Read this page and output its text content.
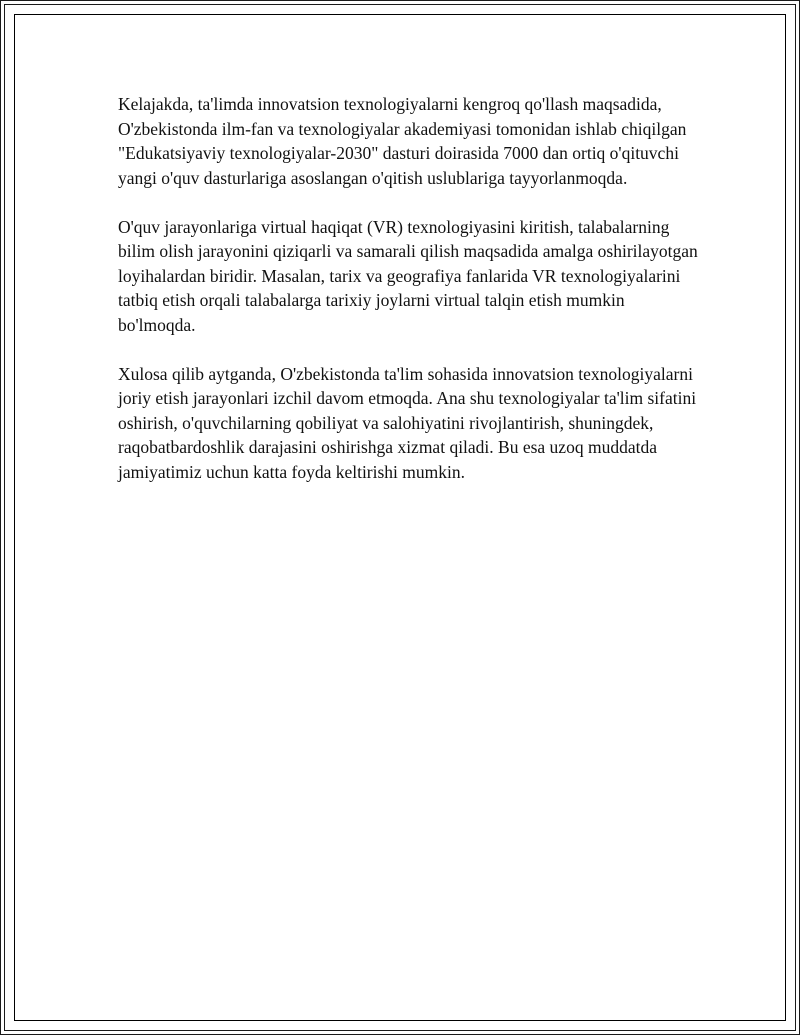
Kelajakda, ta'limda innovatsion texnologiyalarni kengroq qo'llash maqsadida, O'zbekistonda ilm-fan va texnologiyalar akademiyasi tomonidan ishlab chiqilgan "Edukatsiyaviy texnologiyalar-2030" dasturi doirasida 7000 dan ortiq o'qituvchi yangi o'quv dasturlariga asoslangan o'qitish uslublariga tayyorlanmoqda.

O'quv jarayonlariga virtual haqiqat (VR) texnologiyasini kiritish, talabalarning bilim olish jarayonini qiziqarli va samarali qilish maqsadida amalga oshirilayotgan loyihalardan biridir. Masalan, tarix va geografiya fanlarida VR texnologiyalarini tatbiq etish orqali talabalarga tarixiy joylarni virtual talqin etish mumkin bo'lmoqda.

Xulosa qilib aytganda, O'zbekistonda ta'lim sohasida innovatsion texnologiyalarni joriy etish jarayonlari izchil davom etmoqda. Ana shu texnologiyalar ta'lim sifatini oshirish, o'quvchilarning qobiliyat va salohiyatini rivojlantirish, shuningdek, raqobatbardoshlik darajasini oshirishga xizmat qiladi. Bu esa uzoq muddatda jamiyatimiz uchun katta foyda keltirishi mumkin.
